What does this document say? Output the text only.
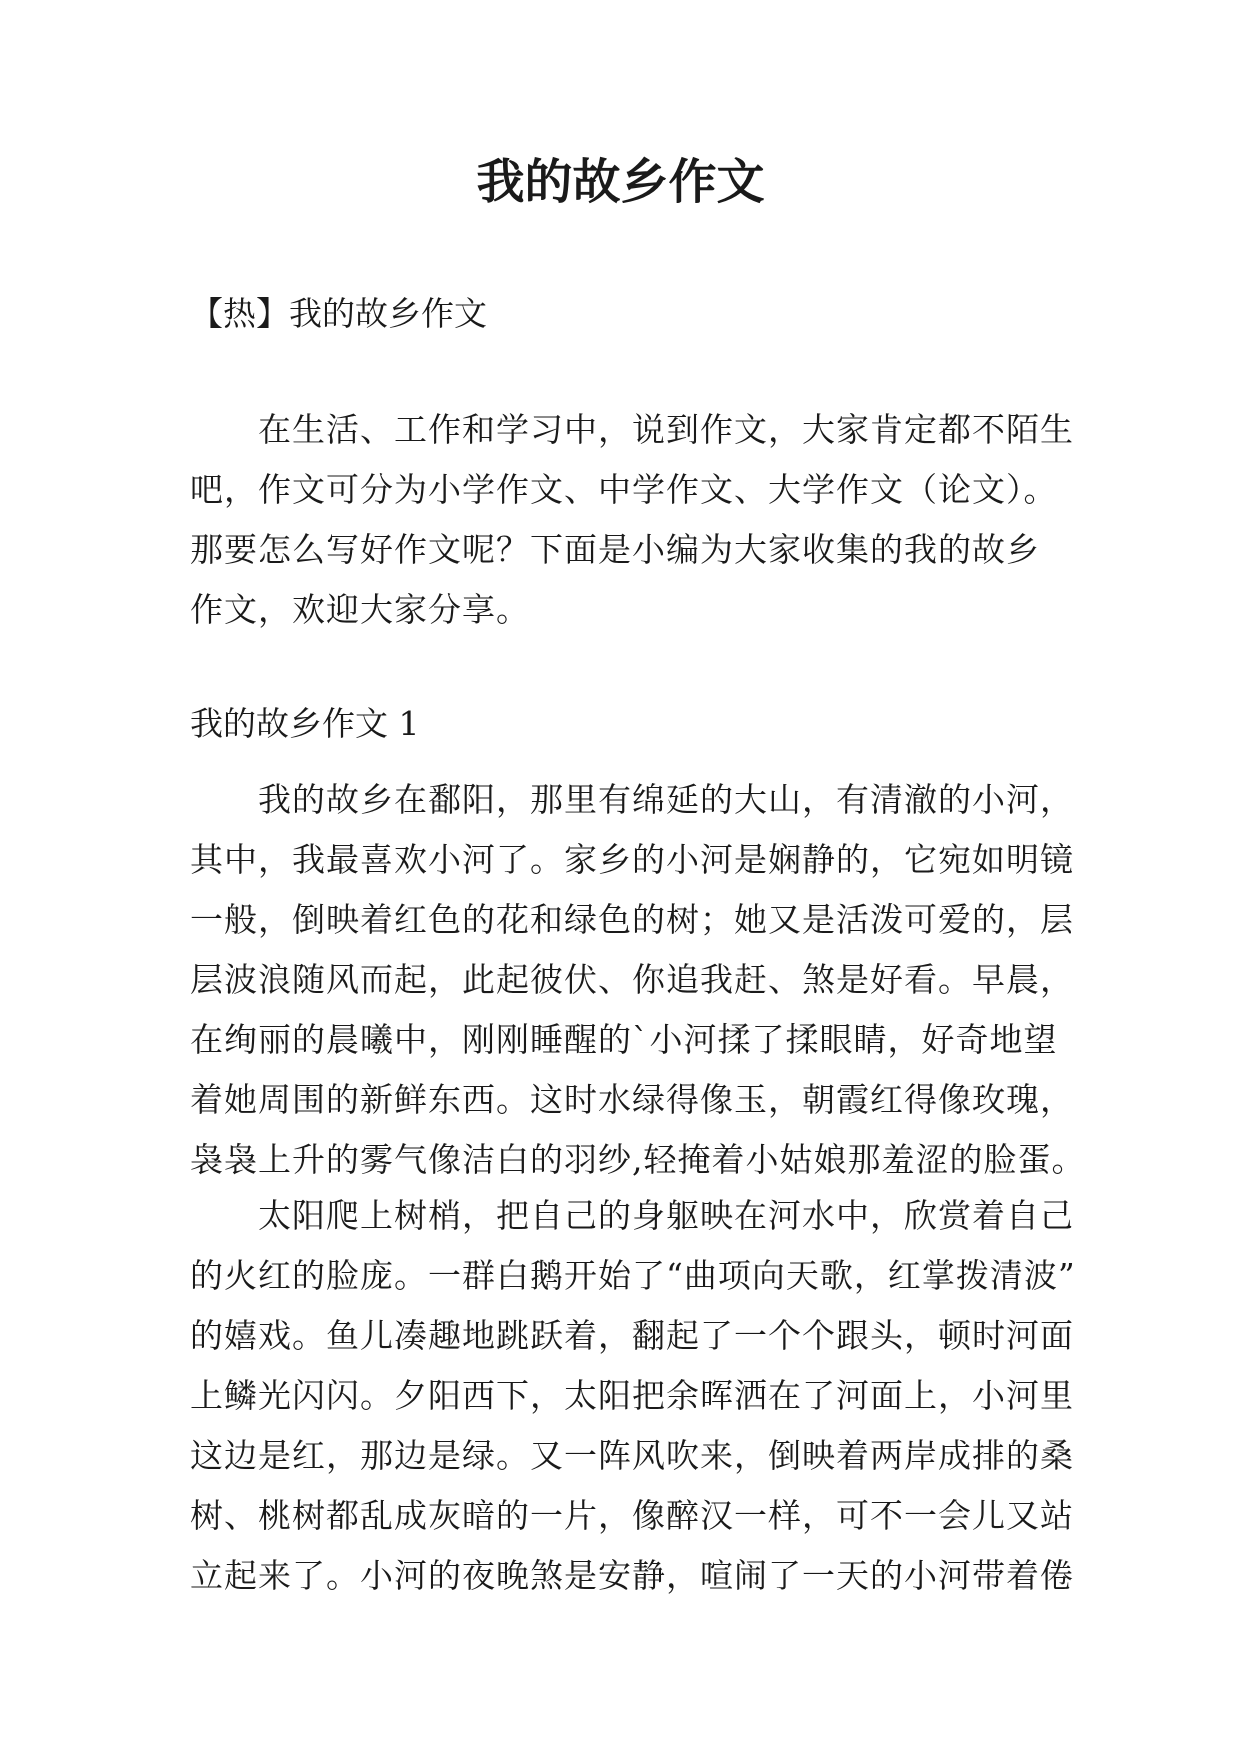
我的故乡作文

【热】我的故乡作文

在生活、工作和学习中，说到作文，大家肯定都不陌生
吧，作文可分为小学作文、中学作文、大学作文（论文）。
那要怎么写好作文呢？下面是小编为大家收集的我的故乡
作文，欢迎大家分享。

我的故乡作文 1

我的故乡在鄱阳，那里有绵延的大山，有清澈的小河，
其中，我最喜欢小河了。家乡的小河是娴静的，它宛如明镜
一般，倒映着红色的花和绿色的树；她又是活泼可爱的，层
层波浪随风而起，此起彼伏、你追我赶、煞是好看。早晨，
在绚丽的晨曦中，刚刚睡醒的`小河揉了揉眼睛，好奇地望
着她周围的新鲜东西。这时水绿得像玉，朝霞红得像玫瑰，
袅袅上升的雾气像洁白的羽纱,轻掩着小姑娘那羞涩的脸蛋。
太阳爬上树梢，把自己的身躯映在河水中，欣赏着自己
的火红的脸庞。一群白鹅开始了“曲项向天歌，红掌拨清波”
的嬉戏。鱼儿凑趣地跳跃着，翻起了一个个跟头，顿时河面
上鳞光闪闪。夕阳西下，太阳把余晖洒在了河面上，小河里
这边是红，那边是绿。又一阵风吹来，倒映着两岸成排的桑
树、桃树都乱成灰暗的一片，像醉汉一样，可不一会儿又站
立起来了。小河的夜晚煞是安静，喧闹了一天的小河带着倦
